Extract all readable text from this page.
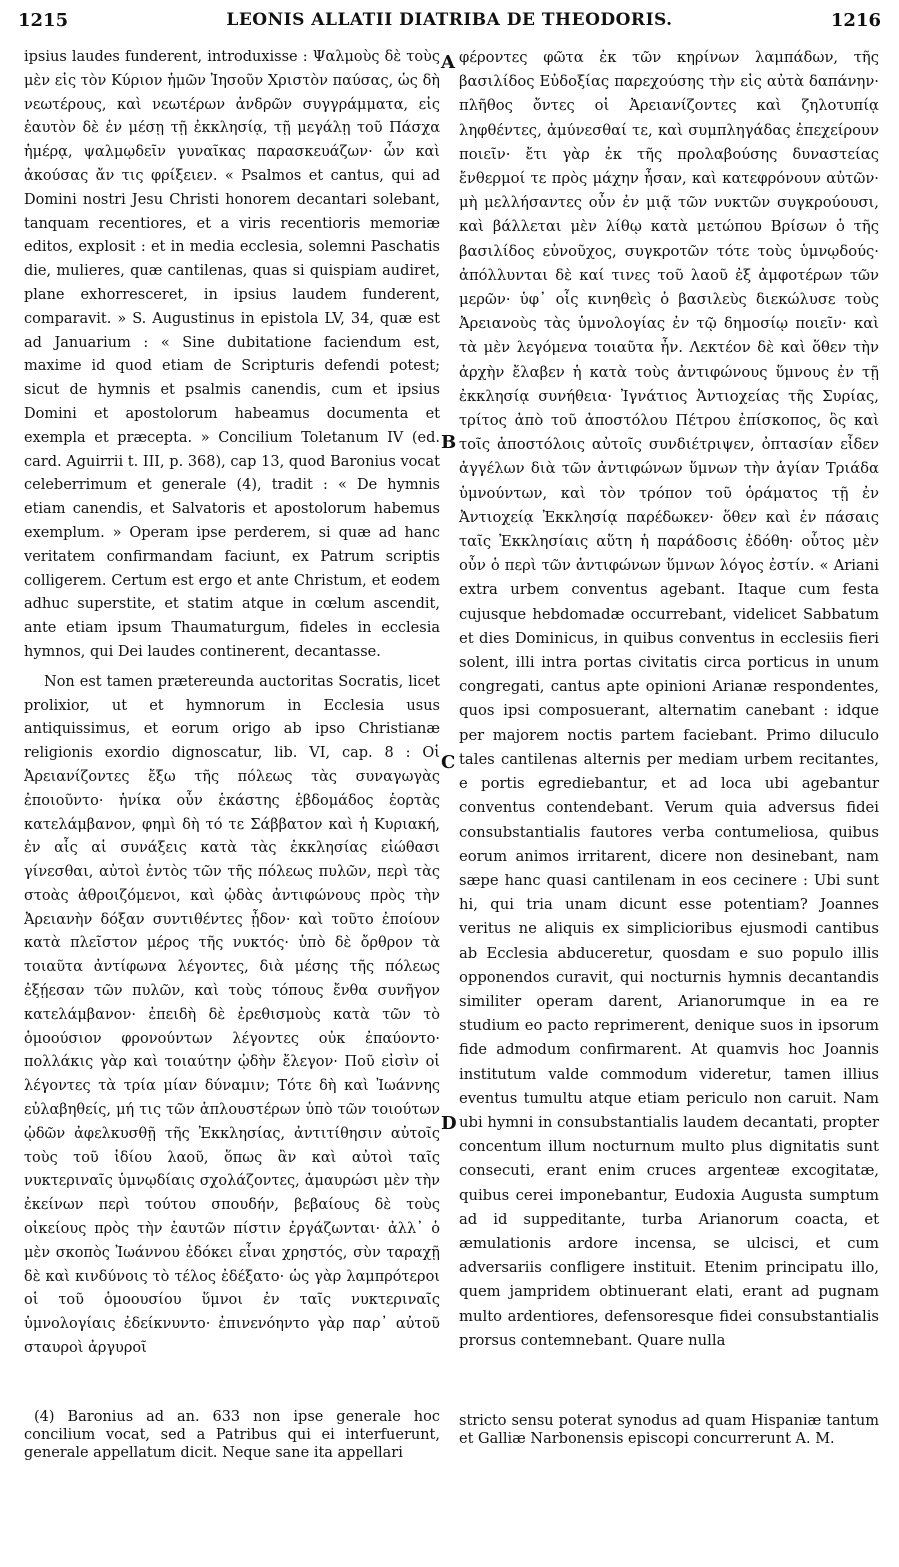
1215	LEONIS ALLATII DIATRIBA DE THEODORIS.	1216
A
B
C
D

ipsius laudes funderent, introduxisse : Ψαλμοὺς δὲ τοὺς μὲν εἰς τὸν Κύριον ἡμῶν Ἰησοῦν Χριστὸν παύσας, ὡς δὴ νεωτέρους, καὶ νεωτέρων ἀνδρῶν συγγράμματα, εἰς ἑαυτὸν δὲ ἐν μέσῃ τῇ ἐκκλησίᾳ, τῇ μεγάλῃ τοῦ Πάσχα ἡμέρᾳ, ψαλμῳδεῖν γυναῖκας παρασκευάζων· ὧν καὶ ἀκούσας ἄν τις φρίξειεν. « Psalmos et cantus, qui ad Domini nostri Jesu Christi honorem decantari solebant, tanquam recentiores, et a viris recentioris memoriæ editos, explosit : et in media ecclesia, solemni Paschatis die, mulieres, quæ cantilenas, quas si quispiam audiret, plane exhorresceret, in ipsius laudem funderent, comparavit. » S. Augustinus in epistola LV, 34, quæ est ad Januarium : « Sine dubitatione faciendum est, maxime id quod etiam de Scripturis defendi potest; sicut de hymnis et psalmis canendis, cum et ipsius Domini et apostolorum habeamus documenta et exempla et præcepta. » Concilium Toletanum IV (ed. card. Aguirrii t. III, p. 368), cap 13, quod Baronius vocat celeberrimum et generale (4), tradit : « De hymnis etiam canendis, et Salvatoris et apostolorum habemus exemplum. » Operam ipse perderem, si quæ ad hanc veritatem confirmandam faciunt, ex Patrum scriptis colligerem. Certum est ergo et ante Christum, et eodem adhuc superstite, et statim atque in cœlum ascendit, ante etiam ipsum Thaumaturgum, fideles in ecclesia hymnos, qui Dei laudes continerent, decantasse.

Non est tamen prætereunda auctoritas Socratis, licet prolixior, ut et hymnorum in Ecclesia usus antiquissimus, et eorum origo ab ipso Christianæ religionis exordio dignoscatur, lib. VI, cap. 8 : Οἱ Ἀρειανίζοντες ἔξω τῆς πόλεως τὰς συναγωγὰς ἐποιοῦντο· ἡνίκα οὖν ἑκάστης ἑβδομάδος ἑορτὰς κατελάμβανον, φημὶ δὴ τό τε Σάββατον καὶ ἡ Κυριακή, ἐν αἷς αἱ συνάξεις κατὰ τὰς ἐκκλησίας εἰώθασι γίνεσθαι, αὐτοὶ ἐντὸς τῶν τῆς πόλεως πυλῶν, περὶ τὰς στοὰς ἀθροιζόμενοι, καὶ ᾠδὰς ἀντιφώνους πρὸς τὴν Ἀρειανὴν δόξαν συντιθέντες ᾖδον· καὶ τοῦτο ἐποίουν κατὰ πλεῖστον μέρος τῆς νυκτός· ὑπὸ δὲ ὄρθρον τὰ τοιαῦτα ἀντίφωνα λέγοντες, διὰ μέσης τῆς πόλεως ἐξῄεσαν τῶν πυλῶν, καὶ τοὺς τόπους ἔνθα συνῆγον κατελάμβανον· ἐπειδὴ δὲ ἐρεθισμοὺς κατὰ τῶν τὸ ὁμοούσιον φρονούντων λέγοντες οὐκ ἐπαύοντο· πολλάκις γὰρ καὶ τοιαύτην ᾠδὴν ἔλεγον· Ποῦ εἰσὶν οἱ λέγοντες τὰ τρία μίαν δύναμιν; Τότε δὴ καὶ Ἰωάννης εὐλαβηθείς, μή τις τῶν ἁπλουστέρων ὑπὸ τῶν τοιούτων ᾠδῶν ἀφελκυσθῇ τῆς Ἐκκλησίας, ἀντιτίθησιν αὐτοῖς τοὺς τοῦ ἰδίου λαοῦ, ὅπως ἂν καὶ αὐτοὶ ταῖς νυκτεριναῖς ὑμνῳδίαις σχολάζοντες, ἀμαυρώσι μὲν τὴν ἐκείνων περὶ τούτου σπουδήν, βεβαίους δὲ τοὺς οἰκείους πρὸς τὴν ἑαυτῶν πίστιν ἐργάζωνται· ἀλλ᾽ ὁ μὲν σκοπὸς Ἰωάννου ἐδόκει εἶναι χρηστός, σὺν ταραχῇ δὲ καὶ κινδύνοις τὸ τέλος ἐδέξατο· ὡς γὰρ λαμπρότεροι οἱ τοῦ ὁμοουσίου ὕμνοι ἐν ταῖς νυκτεριναῖς ὑμνολογίαις ἐδείκνυντο· ἐπινενόηντο γὰρ παρ᾽ αὐτοῦ σταυροὶ ἀργυροῖ

φέροντες φῶτα ἐκ τῶν κηρίνων λαμπάδων, τῆς βασιλίδος Εὐδοξίας παρεχούσης τὴν εἰς αὐτὰ δαπάνην· πλῆθος ὄντες οἱ Ἀρειανίζοντες καὶ ζηλοτυπίᾳ ληφθέντες, ἀμύνεσθαί τε, καὶ συμπληγάδας ἐπεχείρουν ποιεῖν· ἔτι γὰρ ἐκ τῆς προλαβούσης δυναστείας ἔνθερμοί τε πρὸς μάχην ἦσαν, καὶ κατεφρόνουν αὐτῶν· μὴ μελλήσαντες οὖν ἐν μιᾷ τῶν νυκτῶν συγκρούουσι, καὶ βάλλεται μὲν λίθῳ κατὰ μετώπου Βρίσων ὁ τῆς βασιλίδος εὐνοῦχος, συγκροτῶν τότε τοὺς ὑμνῳδούς· ἀπόλλυνται δὲ καί τινες τοῦ λαοῦ ἐξ ἀμφοτέρων τῶν μερῶν· ὑφ᾽ οἷς κινηθεὶς ὁ βασιλεὺς διεκώλυσε τοὺς Ἀρειανοὺς τὰς ὑμνολογίας ἐν τῷ δημοσίῳ ποιεῖν· καὶ τὰ μὲν λεγόμενα τοιαῦτα ἦν. Λεκτέον δὲ καὶ ὅθεν τὴν ἀρχὴν ἔλαβεν ἡ κατὰ τοὺς ἀντιφώνους ὕμνους ἐν τῇ ἐκκλησίᾳ συνήθεια· Ἰγνάτιος Ἀντιοχείας τῆς Συρίας, τρίτος ἀπὸ τοῦ ἀποστόλου Πέτρου ἐπίσκοπος, ὃς καὶ τοῖς ἀποστόλοις αὐτοῖς συνδιέτριψεν, ὀπτασίαν εἶδεν ἀγγέλων διὰ τῶν ἀντιφώνων ὕμνων τὴν ἁγίαν Τριάδα ὑμνούντων, καὶ τὸν τρόπον τοῦ ὁράματος τῇ ἐν Ἀντιοχείᾳ Ἐκκλησίᾳ παρέδωκεν· ὅθεν καὶ ἐν πάσαις ταῖς Ἐκκλησίαις αὕτη ἡ παράδοσις ἐδόθη· οὗτος μὲν οὖν ὁ περὶ τῶν ἀντιφώνων ὕμνων λόγος ἐστίν. « Ariani extra urbem conventus agebant. Itaque cum festa cujusque hebdomadæ occurrebant, videlicet Sabbatum et dies Dominicus, in quibus conventus in ecclesiis fieri solent, illi intra portas civitatis circa porticus in unum congregati, cantus apte opinioni Arianæ respondentes, quos ipsi composuerant, alternatim canebant : idque per majorem noctis partem faciebant. Primo diluculo tales cantilenas alternis per mediam urbem recitantes, e portis egrediebantur, et ad loca ubi agebantur conventus contendebant. Verum quia adversus fidei consubstantialis fautores verba contumeliosa, quibus eorum animos irritarent, dicere non desinebant, nam sæpe hanc quasi cantilenam in eos cecinere : Ubi sunt hi, qui tria unam dicunt esse potentiam? Joannes veritus ne aliquis ex simplicioribus ejusmodi cantibus ab Ecclesia abduceretur, quosdam e suo populo illis opponendos curavit, qui nocturnis hymnis decantandis similiter operam darent, Arianorumque in ea re studium eo pacto reprimerent, denique suos in ipsorum fide admodum confirmarent. At quamvis hoc Joannis institutum valde commodum videretur, tamen illius eventus tumultu atque etiam periculo non caruit. Nam ubi hymni in consubstantialis laudem decantati, propter concentum illum nocturnum multo plus dignitatis sunt consecuti, erant enim cruces argenteæ excogitatæ, quibus cerei imponebantur, Eudoxia Augusta sumptum ad id suppeditante, turba Arianorum coacta, et æmulationis ardore incensa, se ulcisci, et cum adversariis confligere instituit. Etenim principatu illo, quem jampridem obtinuerant elati, erant ad pugnam multo ardentiores, defensoresque fidei consubstantialis prorsus contemnebant. Quare nulla

(4) Baronius ad an. 633 non ipse generale hoc concilium vocat, sed a Patribus qui ei interfuerunt, generale appellatum dicit. Neque sane ita appellari
stricto sensu poterat synodus ad quam Hispaniæ tantum et Galliæ Narbonensis episcopi concurrerunt A. M.
